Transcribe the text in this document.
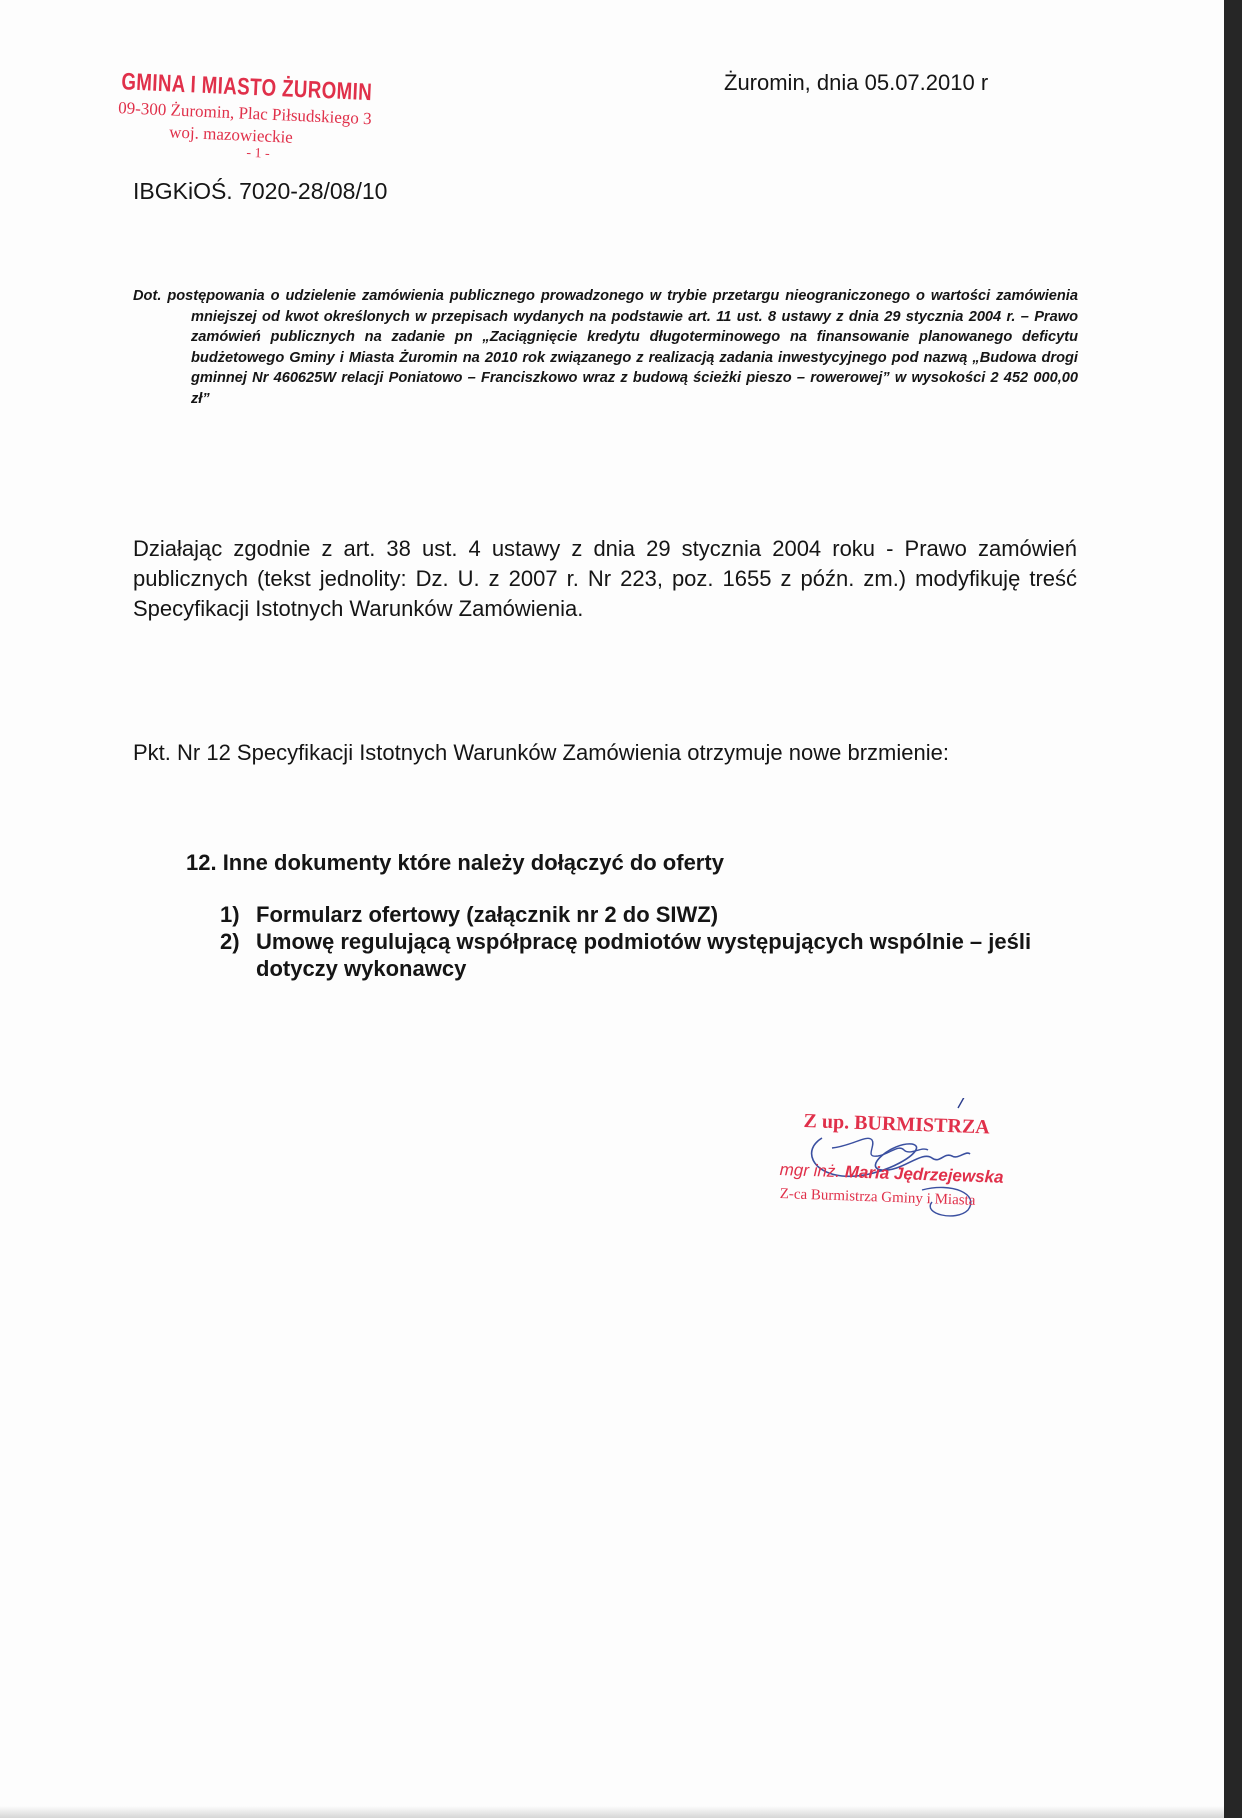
GMINA I MIASTO ŻUROMIN
09-300 Żuromin, Plac Piłsudskiego 3
woj. mazowieckie
- 1 -
Żuromin, dnia 05.07.2010 r
IBGKiOŚ. 7020-28/08/10
Dot. postępowania o udzielenie zamówienia publicznego prowadzonego w trybie przetargu nieograniczonego o wartości zamówienia mniejszej od kwot określonych w przepisach wydanych na podstawie art. 11 ust. 8 ustawy z dnia 29 stycznia 2004 r. – Prawo zamówień publicznych na zadanie pn „Zaciągnięcie kredytu długoterminowego na finansowanie planowanego deficytu budżetowego Gminy i Miasta Żuromin na 2010 rok związanego z realizacją zadania inwestycyjnego pod nazwą „Budowa drogi gminnej Nr 460625W relacji Poniatowo – Franciszkowo wraz z budową ścieżki pieszo – rowerowej” w wysokości 2 452 000,00 zł”
Działając zgodnie z art. 38 ust. 4 ustawy z dnia 29 stycznia 2004 roku - Prawo zamówień publicznych (tekst jednolity: Dz. U. z 2007 r. Nr 223, poz. 1655 z późn. zm.) modyfikuję treść Specyfikacji Istotnych Warunków Zamówienia.
Pkt. Nr 12 Specyfikacji Istotnych Warunków Zamówienia otrzymuje nowe brzmienie:
12. Inne dokumenty które należy dołączyć do oferty
1) Formularz ofertowy (załącznik nr 2 do SIWZ)
2) Umowę regulującą współpracę podmiotów występujących wspólnie – jeśli dotyczy wykonawcy
Z up. BURMISTRZA
mgr inż. Maria Jędrzejewska
Z-ca Burmistrza Gminy i Miasta
